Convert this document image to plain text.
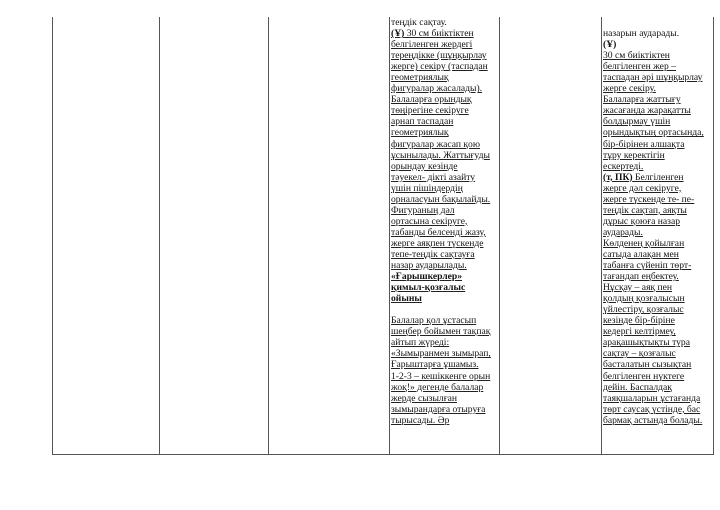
теңдік сақтау.
(Ұ) 30 см биіктіктен
белгіленген жердегі
тереңдікке (шұңқырлау
жерге) секіру (таспадан
геометриялық
фигуралар жасалады).
Балаларға орындық
төңірегіне секіруге
арнап таспадан
геометриялық
фигуралар жасап қою
ұсынылады. Жаттығуды
орындау кезінде
тәуекел- дікті азайту
үшін пішіндердің
орналасуын бақылайды.
Фигураның дәл
ортасына секіруге,
табанды белсенді жазу,
жерге аяқпен түскенде
тепе-теңдік сақтауға
назар аударылады.
«Ғарышкерлер»
қимыл-қозғалыс
ойыны
Балалар қол ұстасып
шеңбер бойымен тақпақ
айтып жүреді:
«Зымыранмен зымырап,
Ғарыштарға ұшамыз.
1-2-3 – кешіккенге орын
жоқ!» дегенде балалар
жерде сызылған
зымырандарға отыруға
тырысады. Әр
назарын аударады.
(Ұ)
30 см биіктіктен
белгіленген жер –
таспадан әрі шұңқырлау
жерге секіру.
Балаларға жаттығу
жасағанда жарақатты
болдырмау үшін
орындықтың ортасында,
бір-бірінен алшақта
тұру керектігін
ескертеді.
(т, ПК) Белгіленген
жерге дәл секіруге,
жерге түскенде те- пе-
теңдік сақтап, аяқты
дұрыс қоюға назар
аударады.
Көлденең қойылған
сатыда алақан мен
табанға сүйеніп төрт-
тағандап еңбектеу.
Нұсқау – аяқ пен
қолдың қозғалысын
үйлестіру, қозғалыс
кезінде бір-біріне
кедергі келтірмеу,
арақашықтықты тура
сақтау – қозғалыс
басталатын сызықтан
белгіленген нүктеге
дейін. Баспалдақ
таяқшаларын ұстағанда
төрт саусақ үстінде, бас
бармақ астында болады.
